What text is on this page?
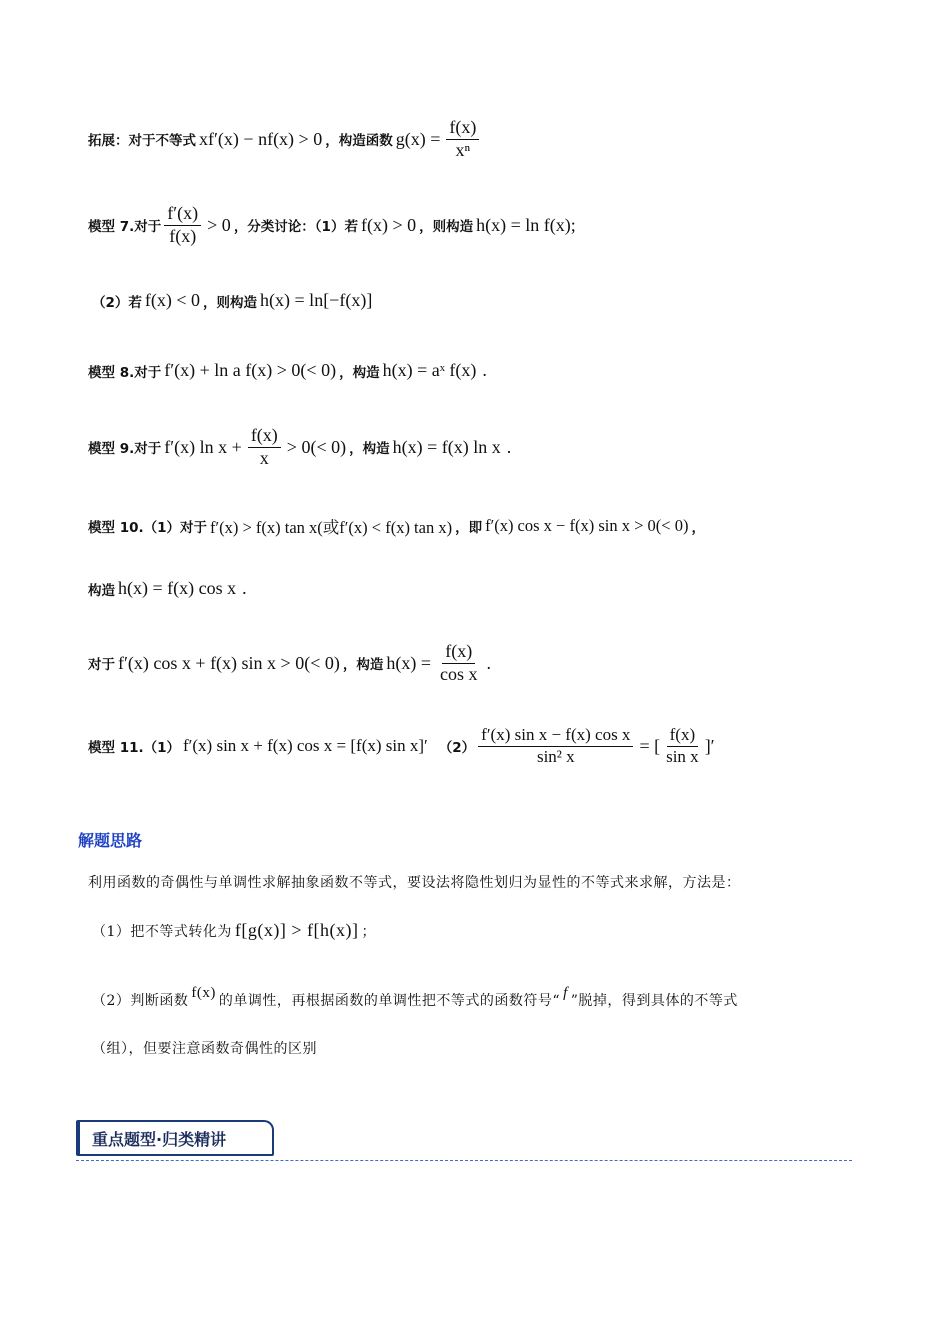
拓展：对于不等式 xf′(x) − nf(x) > 0 ，构造函数 $g(x) = \frac{f(x)}{\text{xⁿ}}$
模型 7.对于 $\frac{f'(x)}{f(x)} > 0$ ，分类讨论：（1）若 f(x) > 0 ，则构造 h(x) = ln f(x);
（2）若 f(x) < 0 ，则构造 h(x) = ln[−f(x)]
模型 8.对于 f′(x) + ln a f(x) > 0(< 0) ，构造 h(x) = aˣ f(x) .
模型 9.对于 f′(x) $\ln x + \frac{f(x)}{x} > 0(< 0)$ ，构造 h(x) = f(x) ln x .
模型 10.（1）对于 f′(x) > f(x) tan x(或f′(x) < f(x) tan x) ，即 f′(x) cos x − f(x) sin x > 0(< 0) ，
构造 h(x) = f(x) cos x .
对于 f′(x) cos x + f(x) sin x > 0(< 0) ，构造 $h(x) = \frac{f(x)}{\text{cos x}}$ .
模型 11.（1） f′(x) sin x + f(x) cos x = [f(x) sin x]′ $(2) \frac{\text{f′(x) sin x − f(x) cos x}}{\text{sin² x}}$ = [ $\frac{f(x)}{\text{sin x}}$ ]′
解题思路
利用函数的奇偶性与单调性求解抽象函数不等式，要设法将隐性划归为显性的不等式来求解，方法是：
（1）把不等式转化为 f[g(x)] > f[h(x)] ；
（2）判断函数
f(x)
的单调性，再根据函数的单调性把不等式的函数符号“
f
”脱掉，得到具体的不等式
（组），但要注意函数奇偶性的区别
重点题型·归类精讲
